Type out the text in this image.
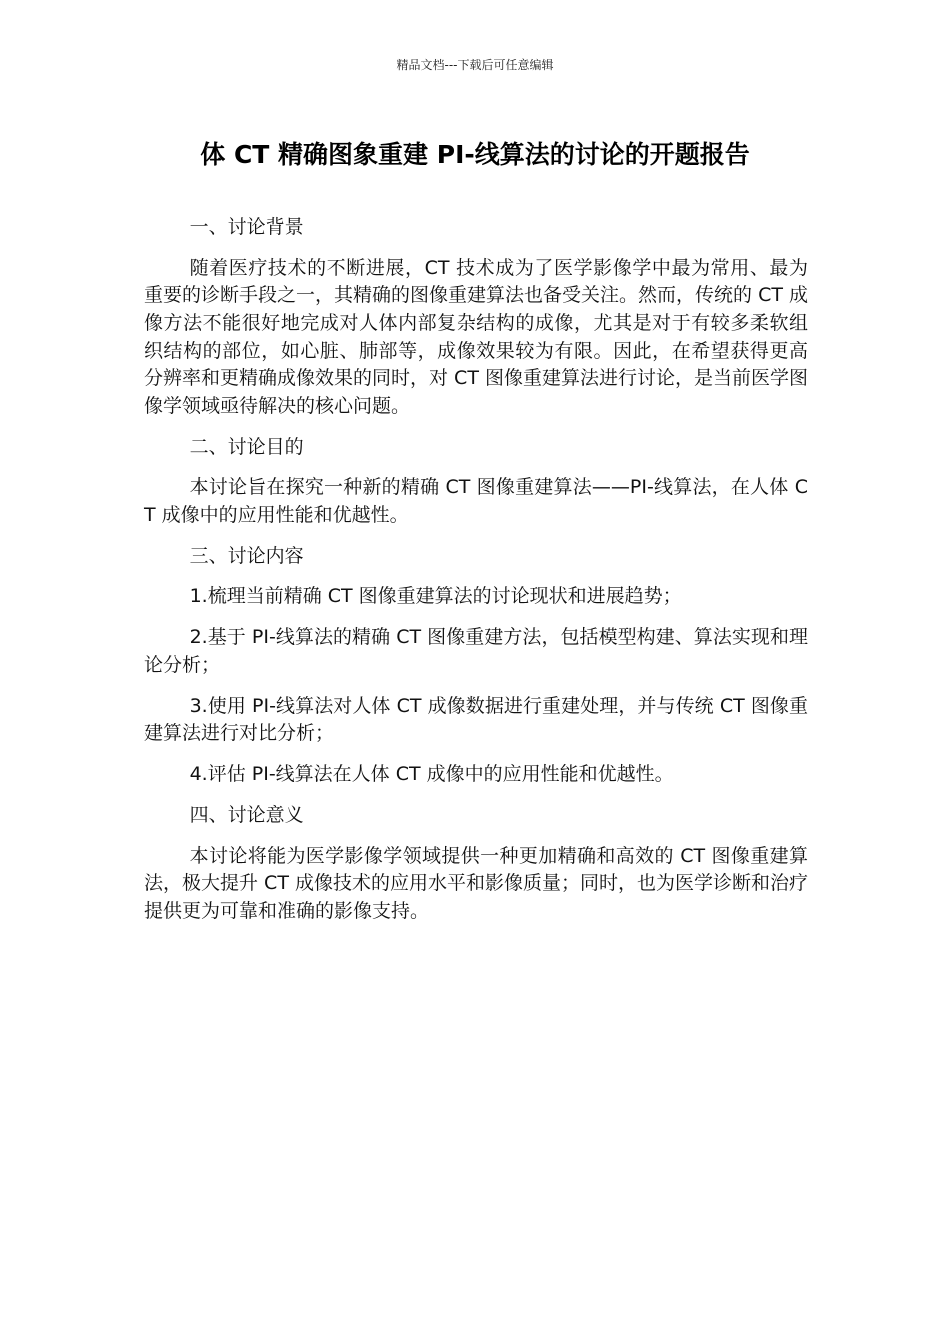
精品文档---下载后可任意编辑
体 CT 精确图象重建 PI-线算法的讨论的开题报告

一、讨论背景

随着医疗技术的不断进展，CT 技术成为了医学影像学中最为常用、最为重要的诊断手段之一，其精确的图像重建算法也备受关注。然而，传统的 CT 成像方法不能很好地完成对人体内部复杂结构的成像，尤其是对于有较多柔软组织结构的部位，如心脏、肺部等，成像效果较为有限。因此，在希望获得更高分辨率和更精确成像效果的同时，对 CT 图像重建算法进行讨论，是当前医学图像学领域亟待解决的核心问题。

二、讨论目的

本讨论旨在探究一种新的精确 CT 图像重建算法——PI-线算法，在人体 CT 成像中的应用性能和优越性。

三、讨论内容

1.梳理当前精确 CT 图像重建算法的讨论现状和进展趋势；

2.基于 PI-线算法的精确 CT 图像重建方法，包括模型构建、算法实现和理论分析；

3.使用 PI-线算法对人体 CT 成像数据进行重建处理，并与传统 CT 图像重建算法进行对比分析；

4.评估 PI-线算法在人体 CT 成像中的应用性能和优越性。

四、讨论意义

本讨论将能为医学影像学领域提供一种更加精确和高效的 CT 图像重建算法，极大提升 CT 成像技术的应用水平和影像质量；同时，也为医学诊断和治疗提供更为可靠和准确的影像支持。
